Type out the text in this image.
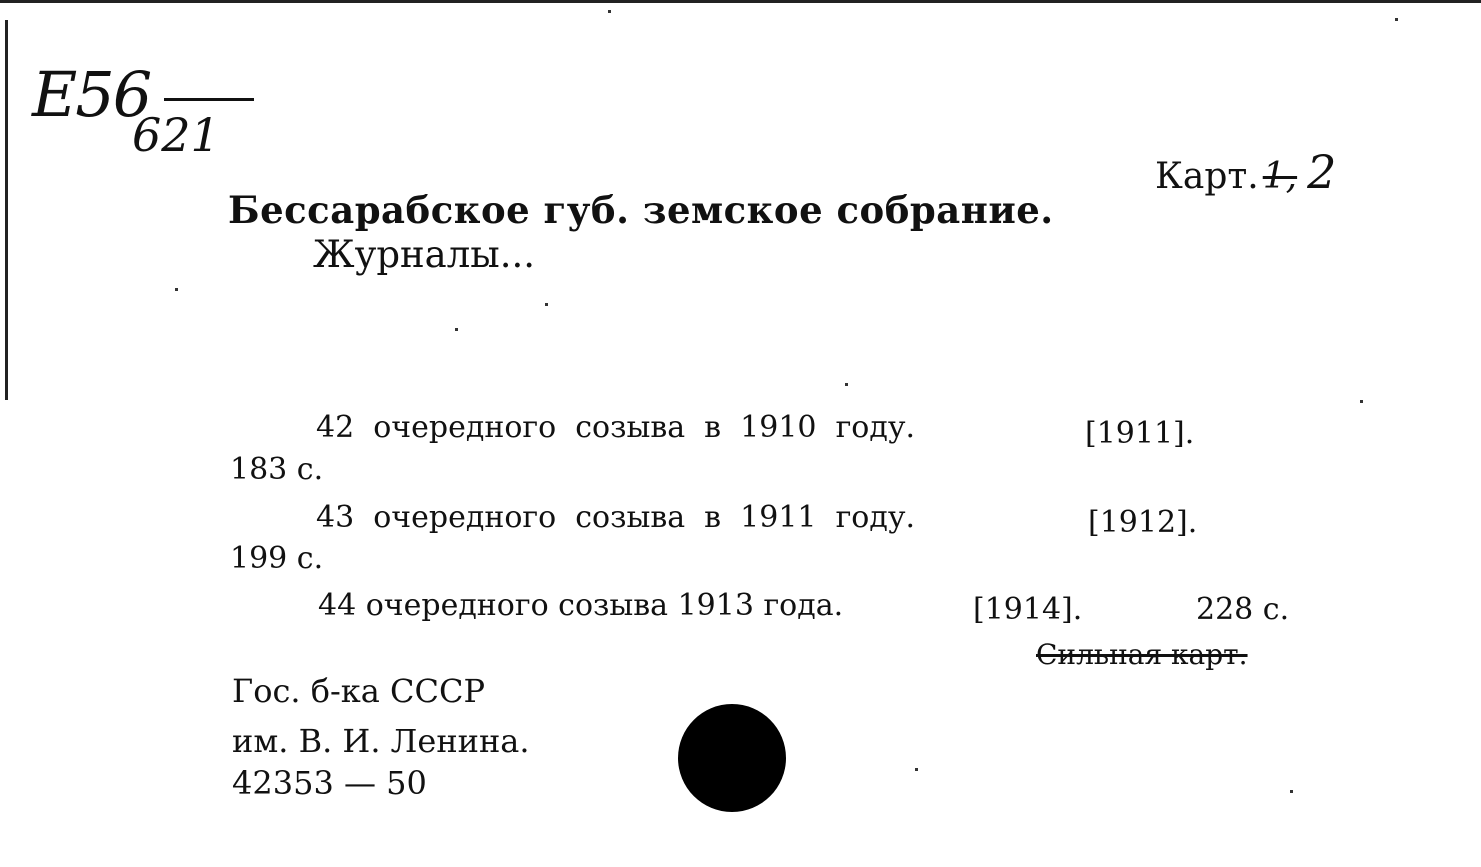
E56
621
Карт. 1, 2
Бессарабское губ. земское собрание.
Журналы...
42  очередного  созыва  в  1910  году.	[1911].
183 с.
43  очередного  созыва  в  1911  году.	[1912].
199 с.
44 очередного созыва 1913 года.	[1914].	228 с.
Сильная карт.
Гос. б-ка СССР
им. В. И. Ленина.
42353 — 50
